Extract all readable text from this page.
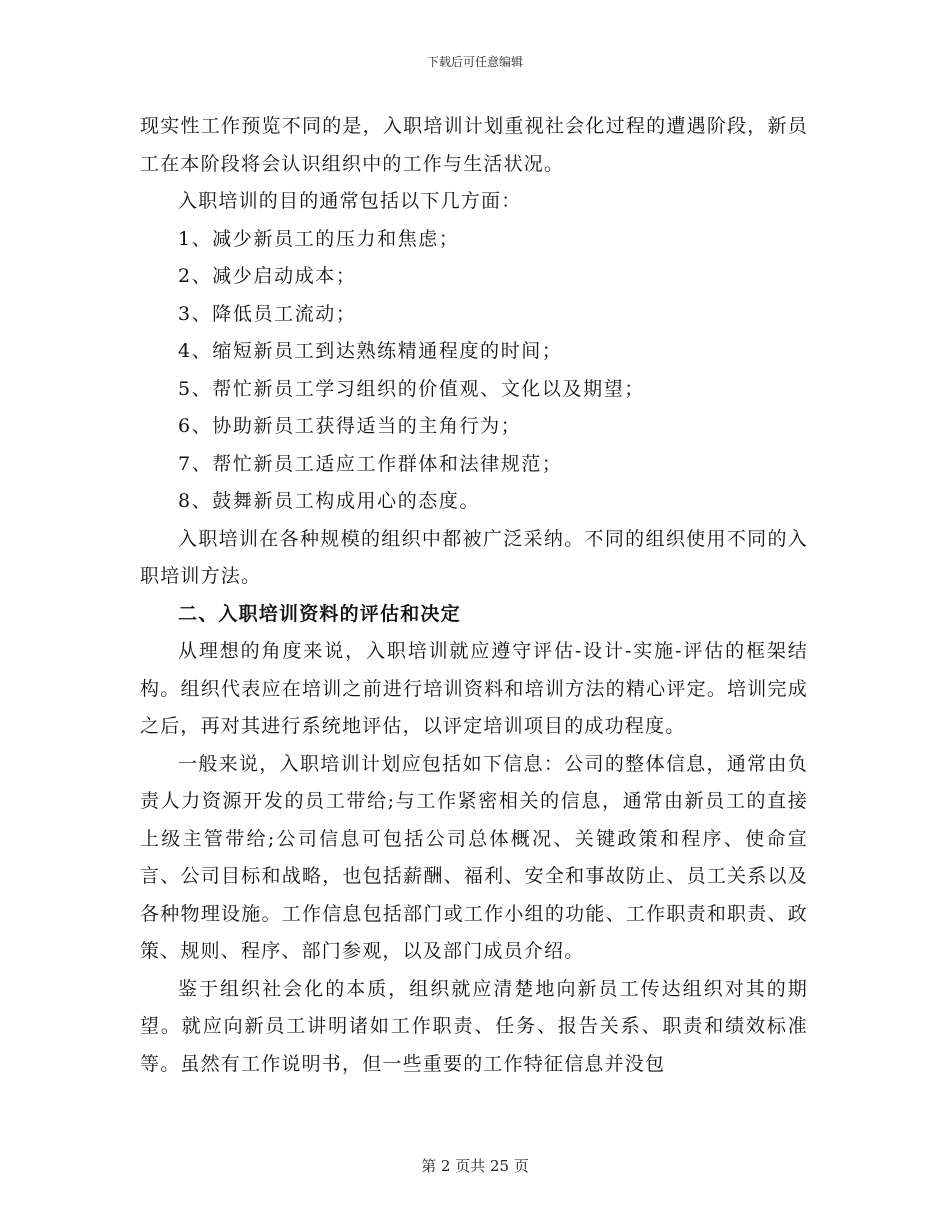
下载后可任意编辑

现实性工作预览不同的是，入职培训计划重视社会化过程的遭遇阶段，新员工在本阶段将会认识组织中的工作与生活状况。

入职培训的目的通常包括以下几方面：

1、减少新员工的压力和焦虑；

2、减少启动成本；

3、降低员工流动；

4、缩短新员工到达熟练精通程度的时间；

5、帮忙新员工学习组织的价值观、文化以及期望；

6、协助新员工获得适当的主角行为；

7、帮忙新员工适应工作群体和法律规范；

8、鼓舞新员工构成用心的态度。

入职培训在各种规模的组织中都被广泛采纳。不同的组织使用不同的入职培训方法。

二、入职培训资料的评估和决定

从理想的角度来说，入职培训就应遵守评估-设计-实施-评估的框架结构。组织代表应在培训之前进行培训资料和培训方法的精心评定。培训完成之后，再对其进行系统地评估，以评定培训项目的成功程度。

一般来说，入职培训计划应包括如下信息：公司的整体信息，通常由负责人力资源开发的员工带给;与工作紧密相关的信息，通常由新员工的直接上级主管带给;公司信息可包括公司总体概况、关键政策和程序、使命宣言、公司目标和战略，也包括薪酬、福利、安全和事故防止、员工关系以及各种物理设施。工作信息包括部门或工作小组的功能、工作职责和职责、政策、规则、程序、部门参观，以及部门成员介绍。

鉴于组织社会化的本质，组织就应清楚地向新员工传达组织对其的期望。就应向新员工讲明诸如工作职责、任务、报告关系、职责和绩效标准等。虽然有工作说明书，但一些重要的工作特征信息并没包

第 2 页共 25 页
